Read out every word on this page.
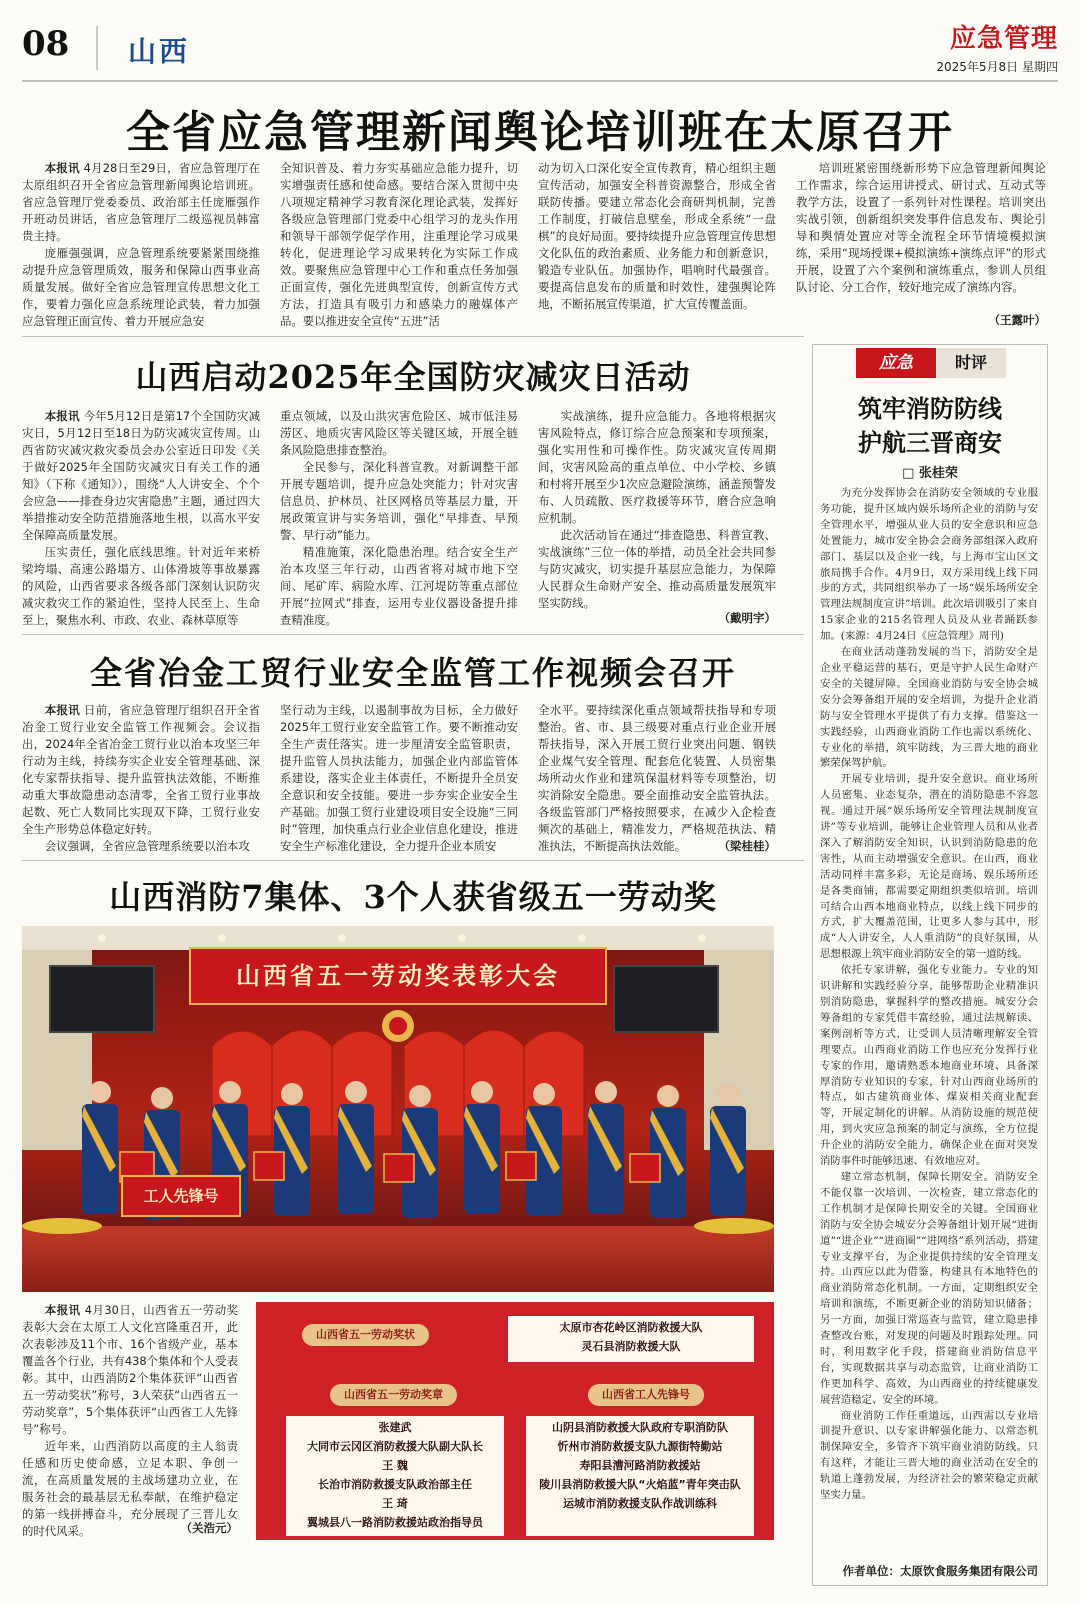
08 山西	应急管理
2025年5月8日 星期四
全省应急管理新闻舆论培训班在太原召开

本报讯 4月28日至29日，省应急管理厅在太原组织召开全省应急管理新闻舆论培训班。省应急管理厅党委委员、政治部主任庞雁强作开班动员讲话，省应急管理厅二级巡视员韩富贵主持。

庞雁强强调，应急管理系统要紧紧围绕推动提升应急管理质效，服务和保障山西事业高质量发展。做好全省应急管理宣传思想文化工作，要着力强化应急系统理论武装，着力加强应急管理正面宣传、着力开展应急安

全知识普及、着力夯实基础应急能力提升，切实增强责任感和使命感。要结合深入贯彻中央八项规定精神学习教育深化理论武装，发挥好各级应急管理部门党委中心组学习的龙头作用和领导干部领学促学作用，注重理论学习成果转化，促进理论学习成果转化为实际工作成效。要聚焦应急管理中心工作和重点任务加强正面宣传，强化先进典型宣传，创新宣传方式方法，打造具有吸引力和感染力的融媒体产品。要以推进安全宣传“五进”活

动为切入口深化安全宣传教育，精心组织主题宣传活动，加强安全科普资源整合，形成全省联防传播。要建立常态化会商研判机制，完善工作制度，打破信息壁垒，形成全系统“一盘棋”的良好局面。要持续提升应急管理宣传思想文化队伍的政治素质、业务能力和创新意识，锻造专业队伍。加强协作，唱响时代最强音。要提高信息发布的质量和时效性，建强舆论阵地，不断拓展宣传渠道，扩大宣传覆盖面。

培训班紧密围绕新形势下应急管理新闻舆论工作需求，综合运用讲授式、研讨式、互动式等教学方法，设置了一系列针对性课程。培训突出实战引领，创新组织突发事件信息发布、舆论引导和舆情处置应对等全流程全环节情境模拟演练，采用“现场授课+模拟演练+演练点评”的形式开展，设置了六个案例和演练重点，参训人员组队讨论、分工合作，较好地完成了演练内容。

（王露叶）
山西启动2025年全国防灾减灾日活动

本报讯 今年5月12日是第17个全国防灾减灾日，5月12日至18日为防灾减灾宣传周。山西省防灾减灾救灾委员会办公室近日印发《关于做好2025年全国防灾减灾日有关工作的通知》（下称《通知》），围绕“人人讲安全、个个会应急——排查身边灾害隐患”主题，通过四大举措推动安全防范措施落地生根，以高水平安全保障高质量发展。

压实责任，强化底线思维。针对近年来桥梁垮塌、高速公路塌方、山体滑坡等事故暴露的风险，山西省要求各级各部门深刻认识防灾减灾救灾工作的紧迫性，坚持人民至上、生命至上，聚焦水利、市政、农业、森林草原等

重点领域，以及山洪灾害危险区、城市低洼易涝区、地质灾害风险区等关键区域，开展全链条风险隐患排查整治。

全民参与，深化科普宣教。对新调整干部开展专题培训，提升应急处突能力；针对灾害信息员、护林员、社区网格员等基层力量，开展政策宣讲与实务培训，强化“早排查、早预警、早行动”能力。

精准施策，深化隐患治理。结合安全生产治本攻坚三年行动，山西省将对城市地下空间、尾矿库、病险水库、江河堤防等重点部位开展“拉网式”排查，运用专业仪器设备提升排查精准度。

实战演练，提升应急能力。各地将根据灾害风险特点，修订综合应急预案和专项预案，强化实用性和可操作性。防灾减灾宣传周期间，灾害风险高的重点单位、中小学校、乡镇和村将开展至少1次应急避险演练，涵盖预警发布、人员疏散、医疗救援等环节，磨合应急响应机制。

此次活动旨在通过“排查隐患、科普宣教、实战演练”三位一体的举措，动员全社会共同参与防灾减灾，切实提升基层应急能力，为保障人民群众生命财产安全、推动高质量发展筑牢坚实防线。

（戴明宇）
全省冶金工贸行业安全监管工作视频会召开

本报讯 日前，省应急管理厅组织召开全省冶金工贸行业安全监管工作视频会。会议指出，2024年全省冶金工贸行业以治本攻坚三年行动为主线，持续夯实企业安全管理基础、深化专家帮扶指导、提升监管执法效能，不断推动重大事故隐患动态清零，全省工贸行业事故起数、死亡人数同比实现双下降，工贸行业安全生产形势总体稳定好转。

会议强调，全省应急管理系统要以治本攻

坚行动为主线，以遏制事故为目标，全力做好2025年工贸行业安全监管工作。要不断推动安全生产责任落实。进一步厘清安全监管职责，提升监管人员执法能力，加强企业内部监管体系建设，落实企业主体责任，不断提升全员安全意识和安全技能。要进一步夯实企业安全生产基础。加强工贸行业建设项目安全设施“三同时”管理，加快重点行业企业信息化建设，推进安全生产标准化建设，全力提升企业本质安

全水平。要持续深化重点领域帮扶指导和专项整治。省、市、县三级要对重点行业企业开展帮扶指导，深入开展工贸行业突出问题、钢铁企业煤气安全管理、配套危化装置、人员密集场所动火作业和建筑保温材料等专项整治，切实消除安全隐患。要全面推动安全监管执法。各级监管部门严格按照要求，在减少入企检查频次的基础上，精准发力，严格规范执法、精准执法，不断提高执法效能。	（梁桂桂）
山西消防7集体、3个人获省级五一劳动奖
山西省五一劳动奖表彰大会
工人先锋号

本报讯 4月30日，山西省五一劳动奖表彰大会在太原工人文化宫隆重召开，此次表彰涉及11个市、16个省级产业，基本覆盖各个行业，共有438个集体和个人受表彰。其中，山西消防2个集体获评“山西省五一劳动奖状”称号，3人荣获“山西省五一劳动奖章”，5个集体获评“山西省工人先锋号”称号。

近年来，山西消防以高度的主人翁责任感和历史使命感，立足本职、争创一流，在高质量发展的主战场建功立业，在服务社会的最基层无私奉献，在维护稳定的第一线拼搏奋斗，充分展现了三晋儿女的时代风采。	（关浩元）
山西省五一劳动奖状
太原市杏花岭区消防救援大队
灵石县消防救援大队
山西省五一劳动奖章	山西省工人先锋号
张建武
大同市云冈区消防救援大队副大队长
王 魏
长治市消防救援支队政治部主任
王 琦
翼城县八一路消防救援站政治指导员
山阴县消防救援大队政府专职消防队
忻州市消防救援支队九源街特勤站
寿阳县漕河路消防救援站
陵川县消防救援大队“火焰蓝”青年突击队
运城市消防救援支队作战训练科
应急	时评
筑牢消防防线
护航三晋商安
□ 张桂荣

为充分发挥协会在消防安全领域的专业服务功能，提升区域内娱乐场所企业的消防与安全管理水平，增强从业人员的安全意识和应急处置能力，城市安全协会会商务部组深入政府部门、基层以及企业一线，与上海市宝山区文旅局携手合作。4月9日，双方采用线上线下同步的方式，共同组织举办了一场“娱乐场所安全管理法规制度宣讲”培训。此次培训吸引了来自15家企业的215名管理人员及从业者踊跃参加。(来源：4月24日《应急管理》周刊)

在商业活动蓬勃发展的当下，消防安全是企业平稳运营的基石，更是守护人民生命财产安全的关键屏障。全国商业消防与安全协会城安分会筹备组开展的安全培训，为提升企业消防与安全管理水平提供了有力支撑。借鉴这一实践经验，山西商业消防工作也需以系统化、专业化的举措，筑牢防线，为三晋大地的商业繁荣保驾护航。

开展专业培训，提升安全意识。商业场所人员密集、业态复杂，潜在的消防隐患不容忽视。通过开展“娱乐场所安全管理法规制度宣讲”等专业培训，能够让企业管理人员和从业者深入了解消防安全知识，认识到消防隐患的危害性，从而主动增强安全意识。在山西，商业活动同样丰富多彩，无论是商场、娱乐场所还是各类商铺，都需要定期组织类似培训。培训可结合山西本地商业特点，以线上线下同步的方式，扩大覆盖范围，让更多人参与其中，形成“人人讲安全，人人重消防”的良好氛围，从思想根源上筑牢商业消防安全的第一道防线。

依托专家讲解，强化专业能力。专业的知识讲解和实践经验分享，能够帮助企业精准识别消防隐患，掌握科学的整改措施。城安分会筹备组的专家凭借丰富经验，通过法规解读、案例剖析等方式，让受训人员清晰理解安全管理要点。山西商业消防工作也应充分发挥行业专家的作用，邀请熟悉本地商业环境、具备深厚消防专业知识的专家，针对山西商业场所的特点，如古建筑商业体、煤炭相关商业配套等，开展定制化的讲解。从消防设施的规范使用，到火灾应急预案的制定与演练，全方位提升企业的消防安全能力，确保企业在面对突发消防事件时能够迅速、有效地应对。

建立常态机制，保障长期安全。消防安全不能仅靠一次培训、一次检查，建立常态化的工作机制才是保障长期安全的关键。全国商业消防与安全协会城安分会筹备组计划开展“进街道”“进企业”“进商圈”“进网络”系列活动，搭建专业支撑平台，为企业提供持续的安全管理支持。山西应以此为借鉴，构建具有本地特色的商业消防常态化机制。一方面，定期组织安全培训和演练，不断更新企业的消防知识储备；另一方面，加强日常巡查与监管，建立隐患排查整改台账，对发现的问题及时跟踪处理。同时，利用数字化手段，搭建商业消防信息平台，实现数据共享与动态监管，让商业消防工作更加科学、高效，为山西商业的持续健康发展营造稳定、安全的环境。

商业消防工作任重道远，山西需以专业培训提升意识、以专家讲解强化能力、以常态机制保障安全，多管齐下筑牢商业消防防线。只有这样，才能让三晋大地的商业活动在安全的轨道上蓬勃发展，为经济社会的繁荣稳定贡献坚实力量。

作者单位：太原饮食服务集团有限公司
